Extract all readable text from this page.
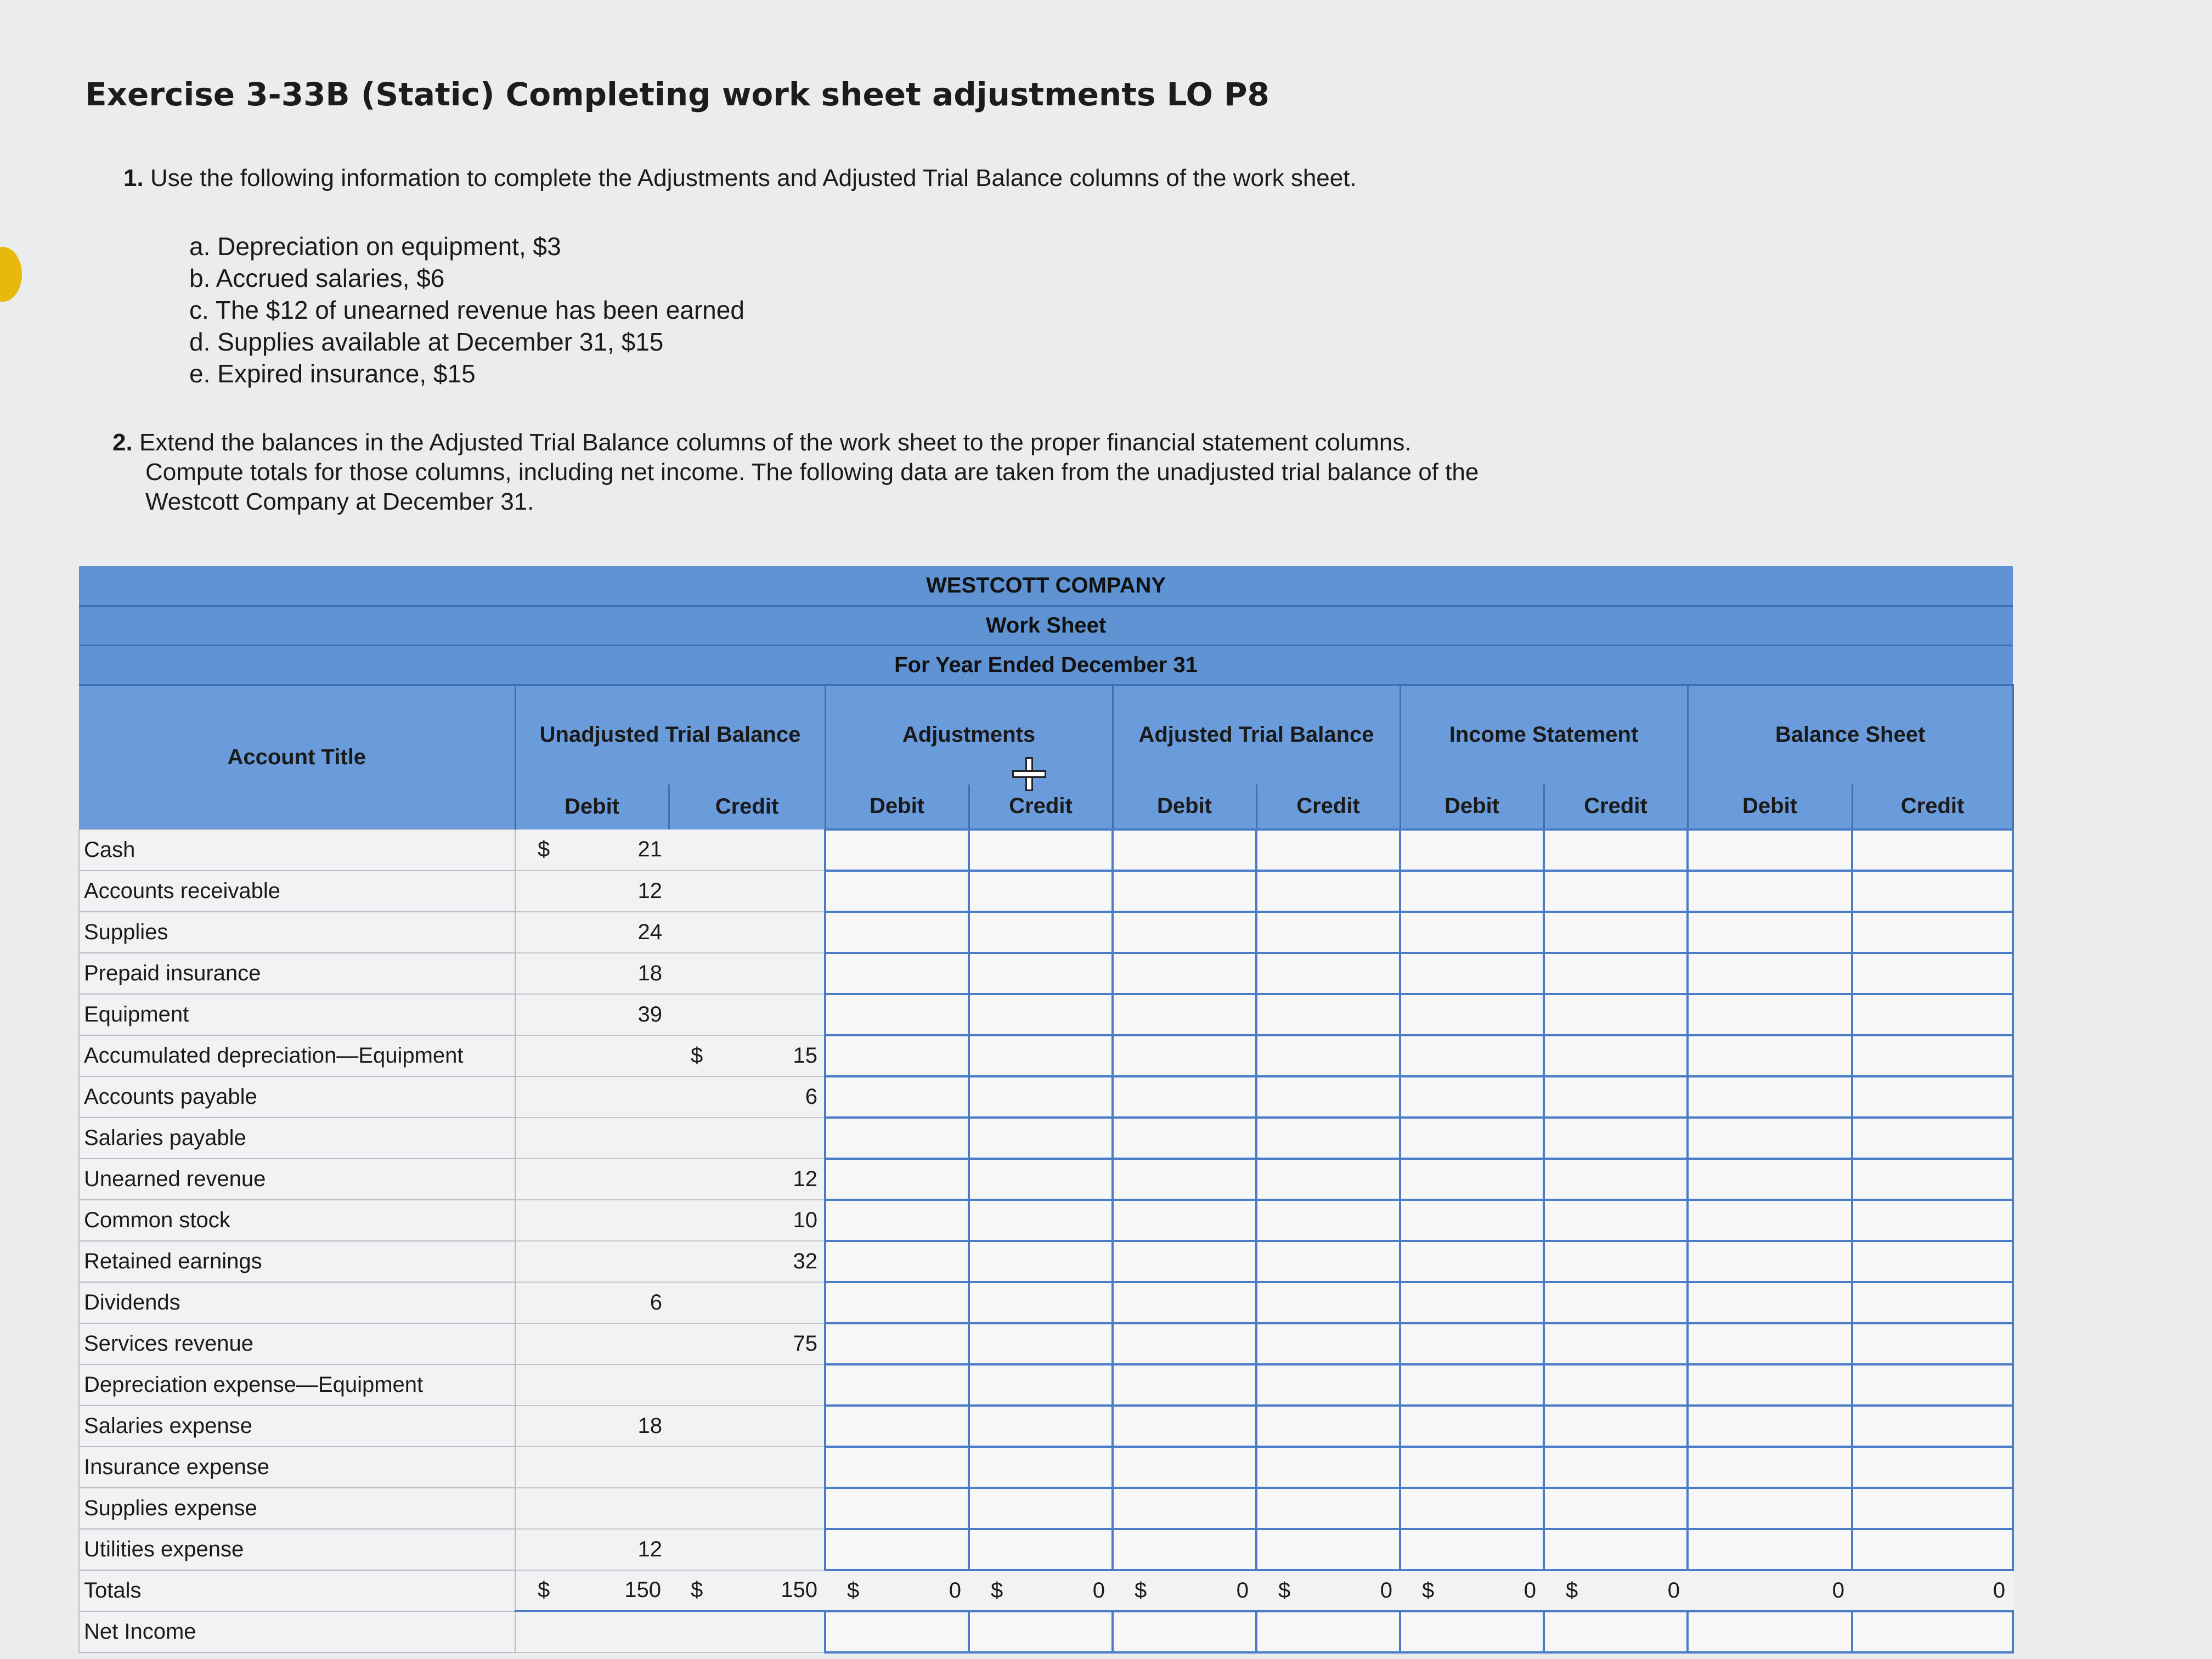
Exercise 3-33B (Static) Completing work sheet adjustments LO P8
1. Use the following information to complete the Adjustments and Adjusted Trial Balance columns of the work sheet.
a. Depreciation on equipment, $3
b. Accrued salaries, $6
c. The $12 of unearned revenue has been earned
d. Supplies available at December 31, $15
e. Expired insurance, $15
2. Extend the balances in the Adjusted Trial Balance columns of the work sheet to the proper financial statement columns.
Compute totals for those columns, including net income. The following data are taken from the unadjusted trial balance of the
Westcott Company at December 31.
WESTCOTT COMPANY										
Work Sheet										
For Year Ended December 31										
Account Title	Unadjusted Trial Balance		Adjustments		Adjusted Trial Balance		Income Statement		Balance Sheet	
	Debit	Credit	Debit	Credit	Debit	Credit	Debit	Credit	Debit	Credit
Cash	$ 21									
Accounts receivable	12									
Supplies	24									
Prepaid insurance	18									
Equipment	39									
Accumulated depreciation—Equipment		$ 15								
Accounts payable		6								
Salaries payable										
Unearned revenue		12								
Common stock		10								
Retained earnings		32								
Dividends	6									
Services revenue		75								
Depreciation expense—Equipment										
Salaries expense	18									
Insurance expense										
Supplies expense										
Utilities expense	12									
Totals	$ 150	$ 150	$ 0	$ 0	$ 0	$ 0	$ 0	$ 0	0	0
Net Income										
